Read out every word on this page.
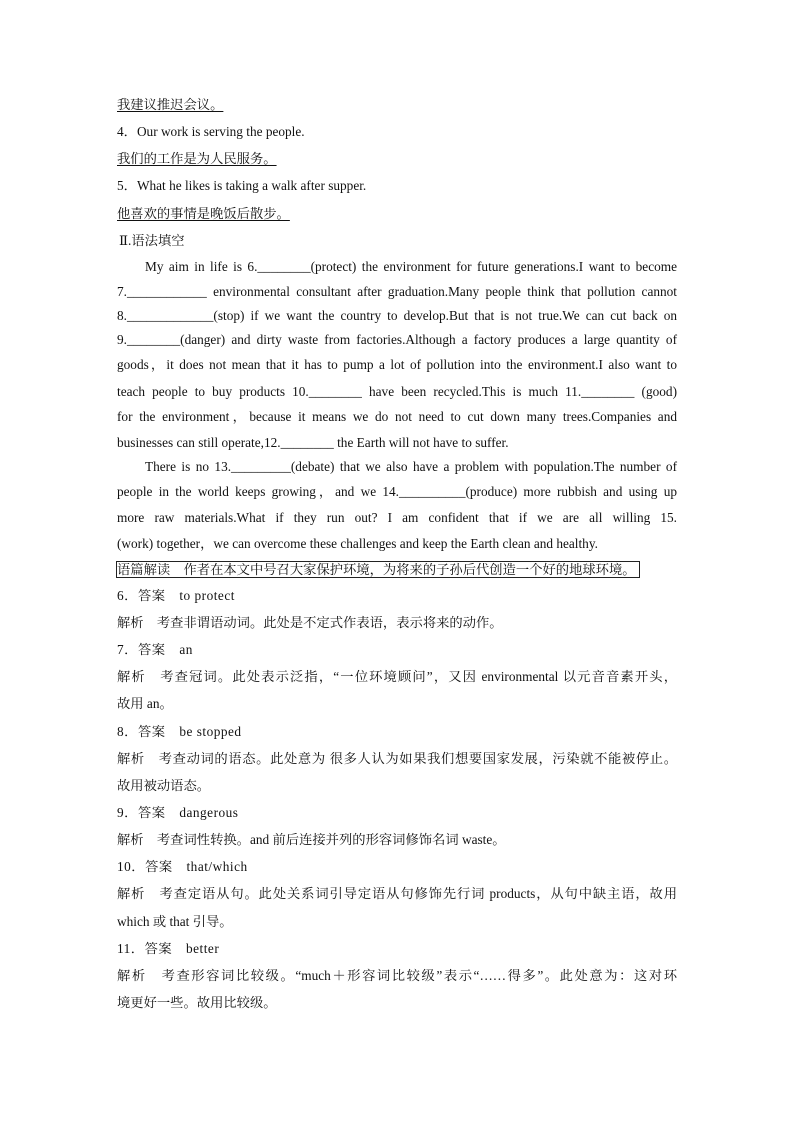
我建议推迟会议。
4．Our work is serving the people.
我们的工作是为人民服务。
5．What he likes is taking a walk after supper.
他喜欢的事情是晚饭后散步。
Ⅱ.语法填空
My aim in life is 6.________(protect) the environment for future generations.I want to become
7.____________ environmental consultant after graduation.Many people think that pollution cannot
8._____________(stop) if we want the country to develop.But that is not true.We can cut back on
9.________(danger) and dirty waste from factories.Although a factory produces a large quantity of
goods，it does not mean that it has to pump a lot of pollution into the environment.I also want to
teach people to buy products 10.________ have been recycled.This is much 11.________ (good)
for the environment，because it means we do not need to cut down many trees.Companies and
businesses can still operate,12.________ the Earth will not have to suffer.
There is no 13._________(debate) that we also have a problem with population.The number of
people in the world keeps growing，and we 14.__________(produce) more rubbish and using up
more raw materials.What if they run out? I am confident that if we are all willing 15.
(work) together，we can overcome these challenges and keep the Earth clean and healthy.
语篇解读　作者在本文中号召大家保护环境，为将来的子孙后代创造一个好的地球环境。
6．答案　to protect
解析　考查非谓语动词。此处是不定式作表语，表示将来的动作。
7．答案　an
解析　考查冠词。此处表示泛指，“一位环境顾问”，又因 environmental 以元音音素开头，
故用 an。
8．答案　be stopped
解析　考查动词的语态。此处意为 很多人认为如果我们想要国家发展，污染就不能被停止。
故用被动语态。
9．答案　dangerous
解析　考查词性转换。and 前后连接并列的形容词修饰名词 waste。
10．答案　that/which
解析　考查定语从句。此处关系词引导定语从句修饰先行词 products，从句中缺主语，故用
which 或 that 引导。
11．答案　better
解析　考查形容词比较级。“much＋形容词比较级”表示“……得多”。此处意为：这对环
境更好一些。故用比较级。
